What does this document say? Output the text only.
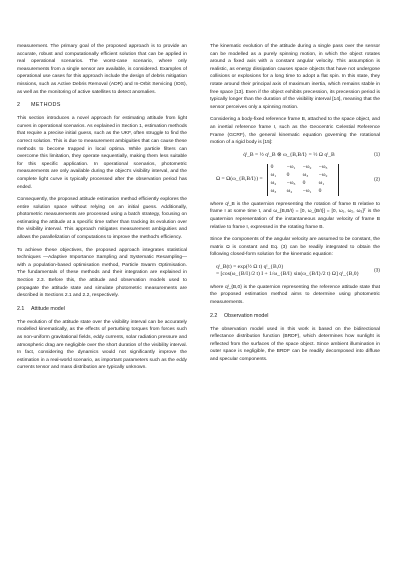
measurement. The primary goal of the proposed approach is to provide an accurate, robust and computationally efficient solution that can be applied in real operational scenarios. The worst-case scenario, where only measurements from a single sensor are available, is considered. Examples of operational use cases for this approach include the design of debris mitigation missions, such as Active Debris Removal (ADR) and In-Orbit Servicing (IOS), as well as the monitoring of active satellites to detect anomalies.

2 METHODS

This section introduces a novel approach for estimating attitude from light curves in operational scenarios. As explained in Section 1, estimation methods that require a precise initial guess, such as the UKF, often struggle to find the correct solution. This is due to measurement ambiguities that can cause these methods to become trapped in local optima. While particle filters can overcome this limitation, they operate sequentially, making them less suitable for this specific application. In operational scenarios, photometric measurements are only available during the object's visibility interval, and the complete light curve is typically processed after the observation period has ended.

Consequently, the proposed attitude estimation method efficiently explores the entire solution space without relying on an initial guess. Additionally, photometric measurements are processed using a batch strategy, focusing on estimating the attitude at a specific time rather than tracking its evolution over the visibility interval. This approach mitigates measurement ambiguities and allows the parallelization of computations to improve the method's efficiency.

To achieve these objectives, the proposed approach integrates statistical techniques —Adaptive Importance Sampling and Systematic Resampling— with a population-based optimisation method, Particle Swarm Optimisation. The fundamentals of these methods and their integration are explained in Section 2.3. Before this, the attitude and observation models used to propagate the attitude state and simulate photometric measurements are described in Sections 2.1 and 2.2, respectively.

2.1 Attitude model

The evolution of the attitude state over the visibility interval can be accurately modelled kinematically, as the effects of perturbing torques from forces such as non-uniform gravitational fields, eddy currents, solar radiation pressure and atmospheric drag are negligible over the short duration of the visibility interval. In fact, considering the dynamics would not significantly improve the estimation in a real-world scenario, as important parameters such as the eddy currents tensor and mass distribution are typically unknown.

The kinematic evolution of the attitude during a single pass over the sensor can be modelled as a purely spinning motion, in which the object rotates around a fixed axis with a constant angular velocity. This assumption is realistic, as energy dissipation causes space objects that have not undergone collisions or explosions for a long time to adopt a flat spin. In this state, they rotate around their principal axis of maximum inertia, which remains stable in free space [13]. Even if the object exhibits precession, its precession period is typically longer than the duration of the visibility interval [14], meaning that the sensor perceives only a spinning motion.

Considering a body-fixed reference frame B, attached to the space object, and an inertial reference frame I, such as the Geocentric Celestial Reference Frame (GCRF), the general kinematic equation governing the rotational motion of a rigid body is [15]:

q̇ᴵ_B = ½ qᴵ_B ⊗ ω_{B,B/I} = ½ Ω qᴵ_B	(1)
Ω = Ω(ω_{B,B/I}) =
0	−ω₁	−ω₂	−ω₃
ω₁	0	ω₃	−ω₂
ω₂	−ω₃	0	ω₁
ω₃	ω₂	−ω₁	0
(2)

where qᴵ_B is the quaternion representing the rotation of frame B relative to frame I at some time t, and ω_{B,B/I} = [0, ω_{B/I}] = [0, ω₁, ω₂, ω₃]ᵀ is the quaternion representation of the instantaneous angular velocity of frame B relative to frame I, expressed in the rotating frame B.

Since the components of the angular velocity are assumed to be constant, the matrix Ω is constant and Eq. (3) can be readily integrated to obtain the following closed-form solution for the kinematic equation:

qᴵ_B(t) = exp(½ Ω t) qᴵ_{B,0}
= [cos(ω_{B/I}/2 t) I + 1/ω_{B/I} sin(ω_{B/I}/2 t) Ω] qᴵ_{B,0}
(3)

where qᴵ_{B,0} is the quaternion representing the reference attitude state that the proposed estimation method aims to determine using photometric measurements.

2.2 Observation model

The observation model used in this work is based on the bidirectional reflectance distribution function (BRDF), which determines how sunlight is reflected from the surfaces of the space object. Since ambient illumination in outer space is negligible, the BRDF can be readily decomposed into diffuse and specular components.
